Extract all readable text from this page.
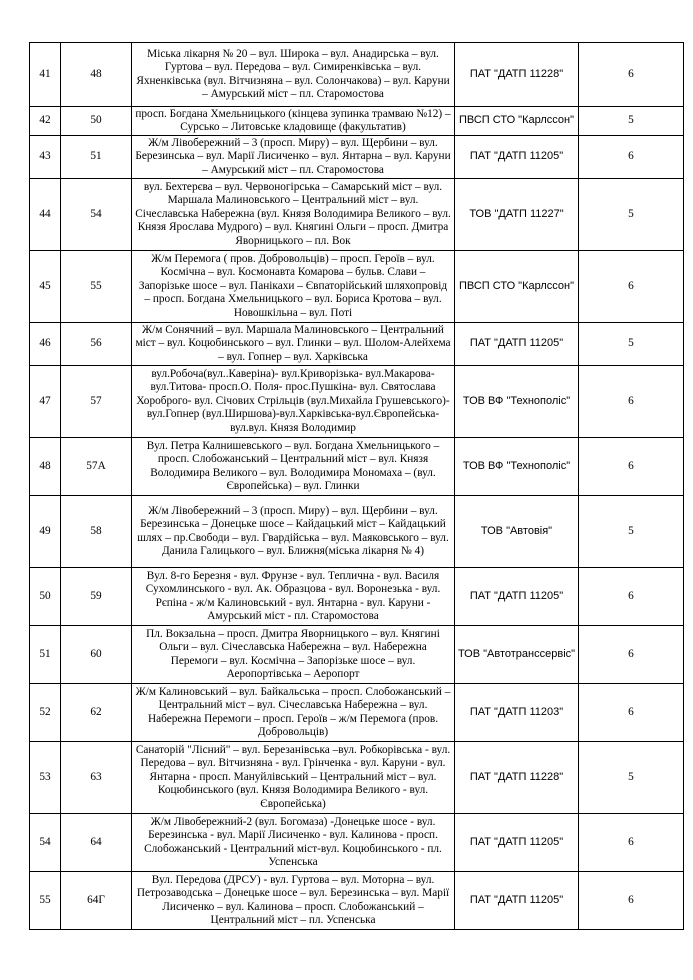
41	48	Міська лікарня № 20 – вул. Широка – вул. Анадирська – вул. Гуртова – вул. Передова – вул. Симиренківська – вул. Яхненківська (вул. Вітчизняна – вул. Солончакова) – вул. Каруни – Амурський міст – пл. Старомостова	ПАТ "ДАТП 11228"	6
42	50	просп. Богдана Хмельницького (кінцева зупинка трамваю №12) – Сурсько – Литовське кладовище (факультатив)	ПВСП СТО "Карлссон"	5
43	51	Ж/м Лівобережний – 3 (просп. Миру) – вул. Щербини – вул. Березинська – вул. Марії Лисиченко – вул. Янтарна – вул. Каруни – Амурський міст – пл. Старомостова	ПАТ "ДАТП 11205"	6
44	54	вул. Бехтерєва – вул. Червоногірська – Самарський міст – вул. Маршала Малиновського – Центральний міст – вул. Січеславська Набережна (вул. Князя Володимира Великого – вул. Князя Ярослава Мудрого) – вул. Княгині Ольги – просп. Дмитра Яворницького – пл. Вок	ТОВ "ДАТП 11227"	5
45	55	Ж/м Перемога ( пров. Добровольців) – просп. Героїв – вул. Космічна – вул. Космонавта Комарова – бульв. Слави – Запорізьке шосе – вул. Панікахи – Євпаторійський шляхопровід – просп. Богдана Хмельницького – вул. Бориса Кротова – вул. Новошкільна – вул. Поті	ПВСП СТО "Карлссон"	6
46	56	Ж/м Сонячний – вул. Маршала Малиновського – Центральний міст – вул. Коцюбинського – вул. Глинки – вул. Шолом-Алейхема – вул. Гопнер – вул. Харківська	ПАТ "ДАТП 11205"	5
47	57	вул.Робоча(вул..Каверіна)- вул.Криворізька- вул.Макарова-вул.Титова- просп.О. Поля- прос.Пушкіна- вул. Святослава Хороброго- вул. Січових Стрільців (вул.Михайла Грушевського)- вул.Гопнер (вул.Ширшова)-вул.Харківська-вул.Європейська-вул.вул. Князя Володимир	ТОВ ВФ "Технополіс"	6
48	57А	Вул. Петра Калнишевського – вул. Богдана Хмельницького – просп. Слобожанський – Центральний міст – вул. Князя Володимира Великого – вул. Володимира Мономаха – (вул. Європейська) – вул. Глинки	ТОВ ВФ "Технополіс"	6
49	58	Ж/м Лівобережний – 3 (просп. Миру) – вул. Щербини – вул. Березинська – Донецьке шосе – Кайдацький міст – Кайдацький шлях – пр.Свободи – вул. Гвардійська – вул. Маяковського – вул. Данила Галицького – вул. Ближня(міська лікарня № 4)	ТОВ "Автовія"	5
50	59	Вул. 8-го Березня - вул. Фрунзе - вул. Теплична - вул. Василя Сухомлинського - вул. Ак. Образцова - вул. Воронезька - вул. Рєпіна - ж/м Калиновський - вул. Янтарна - вул. Каруни - Амурський міст - пл. Старомостова	ПАТ "ДАТП 11205"	6
51	60	Пл. Вокзальна – просп. Дмитра Яворницького – вул. Княгині Ольги – вул. Січеславська Набережна – вул. Набережна Перемоги – вул. Космічна – Запорізьке шосе – вул. Аеропортівська – Аеропорт	ТОВ "Автотранссервіс"	6
52	62	Ж/м Калиновський – вул. Байкальська – просп. Слобожанський – Центральний міст – вул. Січеславська Набережна – вул. Набережна Перемоги – просп. Героїв – ж/м Перемога (пров. Добровольців)	ПАТ "ДАТП 11203"	6
53	63	Санаторій "Лісний" – вул. Березанівська –вул. Робкорівська - вул. Передова – вул. Вітчизняна - вул. Грінченка - вул. Каруни - вул. Янтарна - просп. Мануйлівський – Центральний міст – вул. Коцюбинського (вул. Князя Володимира Великого - вул. Європейська)	ПАТ "ДАТП 11228"	5
54	64	Ж/м Лівобережний-2 (вул. Богомаза) -Донецьке шосе - вул. Березинська - вул. Марії Лисиченко - вул. Калинова - просп. Слобожанський - Центральний міст-вул. Коцюбинського - пл. Успенська	ПАТ "ДАТП 11205"	6
55	64Г	Вул. Передова (ДРСУ) - вул. Гуртова – вул. Моторна – вул. Петрозаводська – Донецьке шосе – вул. Березинська – вул. Марії Лисиченко – вул. Калинова – просп. Слобожанський – Центральний міст – пл. Успенська	ПАТ "ДАТП 11205"	6
